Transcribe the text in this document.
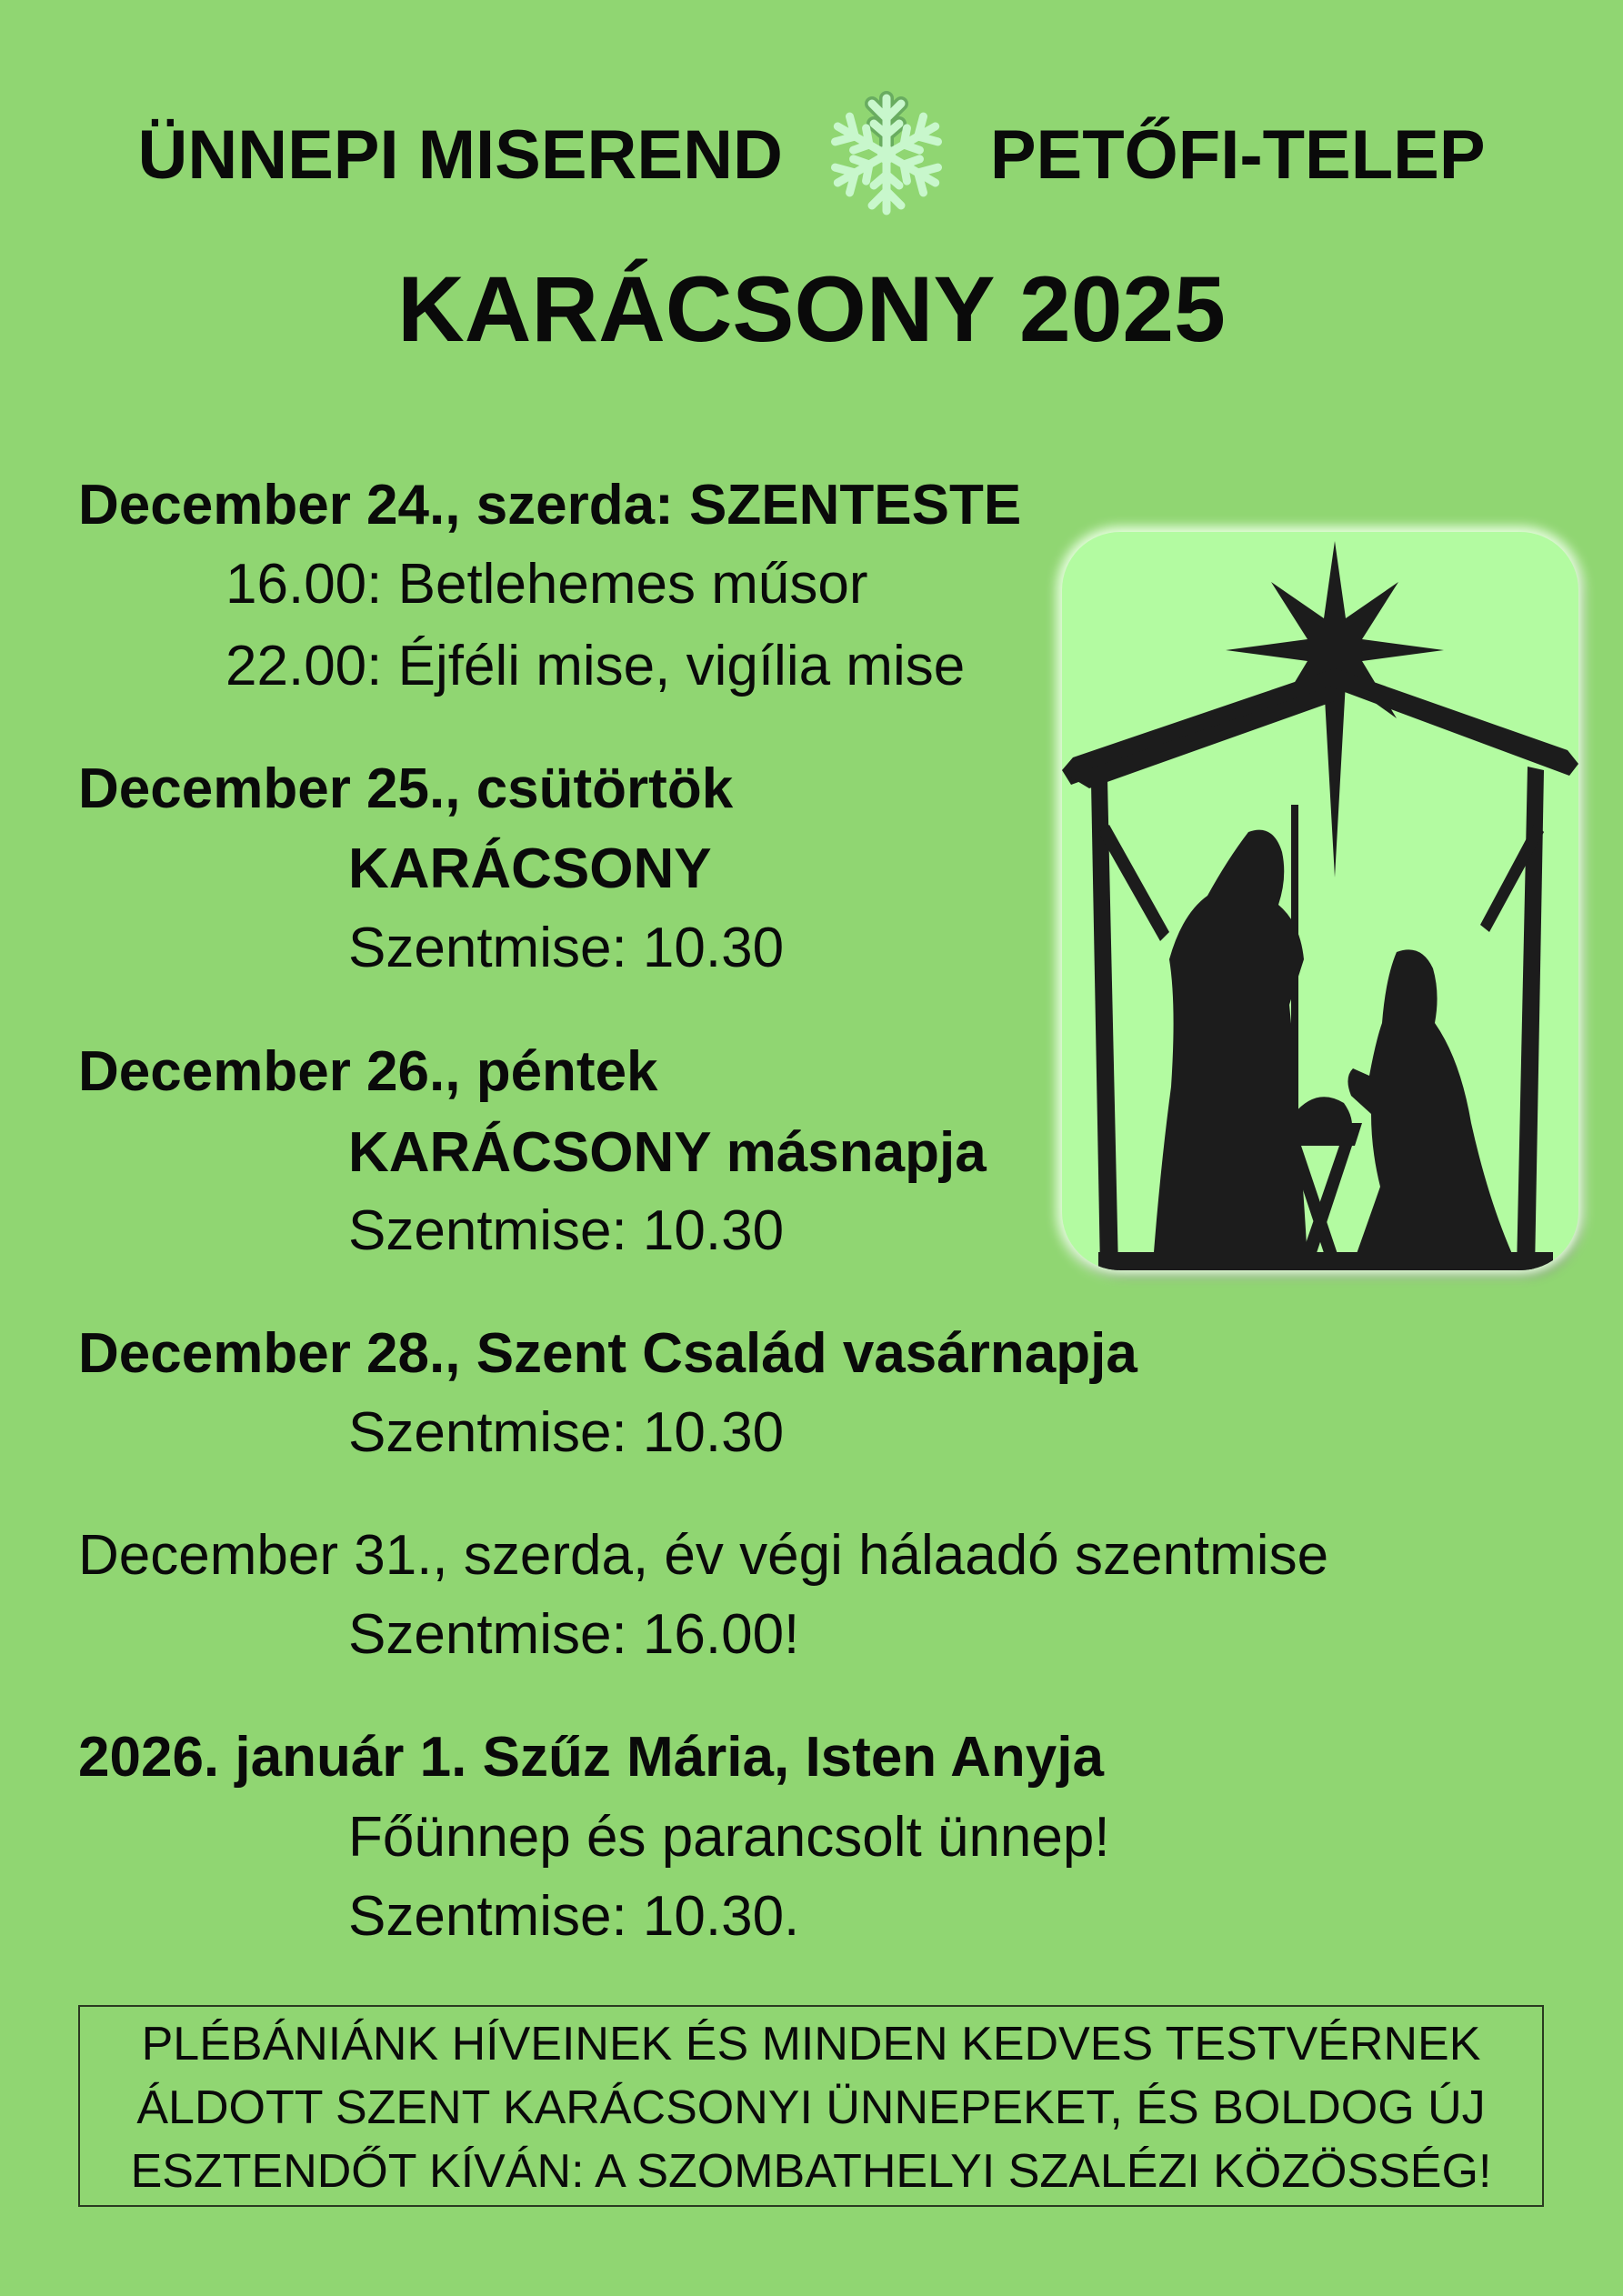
ÜNNEPI MISEREND	PETŐFI-TELEP
KARÁCSONY 2025
December 24., szerda: SZENTESTE
16.00: Betlehemes műsor
22.00: Éjféli mise, vigília mise
December 25., csütörtök
KARÁCSONY
Szentmise: 10.30
December 26., péntek
KARÁCSONY másnapja
Szentmise: 10.30
December 28., Szent Család vasárnapja
Szentmise: 10.30
December 31., szerda, év végi hálaadó szentmise
Szentmise: 16.00!
2026. január 1. Szűz Mária, Isten Anyja
Főünnep és parancsolt ünnep!
Szentmise: 10.30.
PLÉBÁNIÁNK HÍVEINEK ÉS MINDEN KEDVES TESTVÉRNEK
ÁLDOTT SZENT KARÁCSONYI ÜNNEPEKET, ÉS BOLDOG ÚJ
ESZTENDŐT KÍVÁN: A SZOMBATHELYI SZALÉZI KÖZÖSSÉG!
